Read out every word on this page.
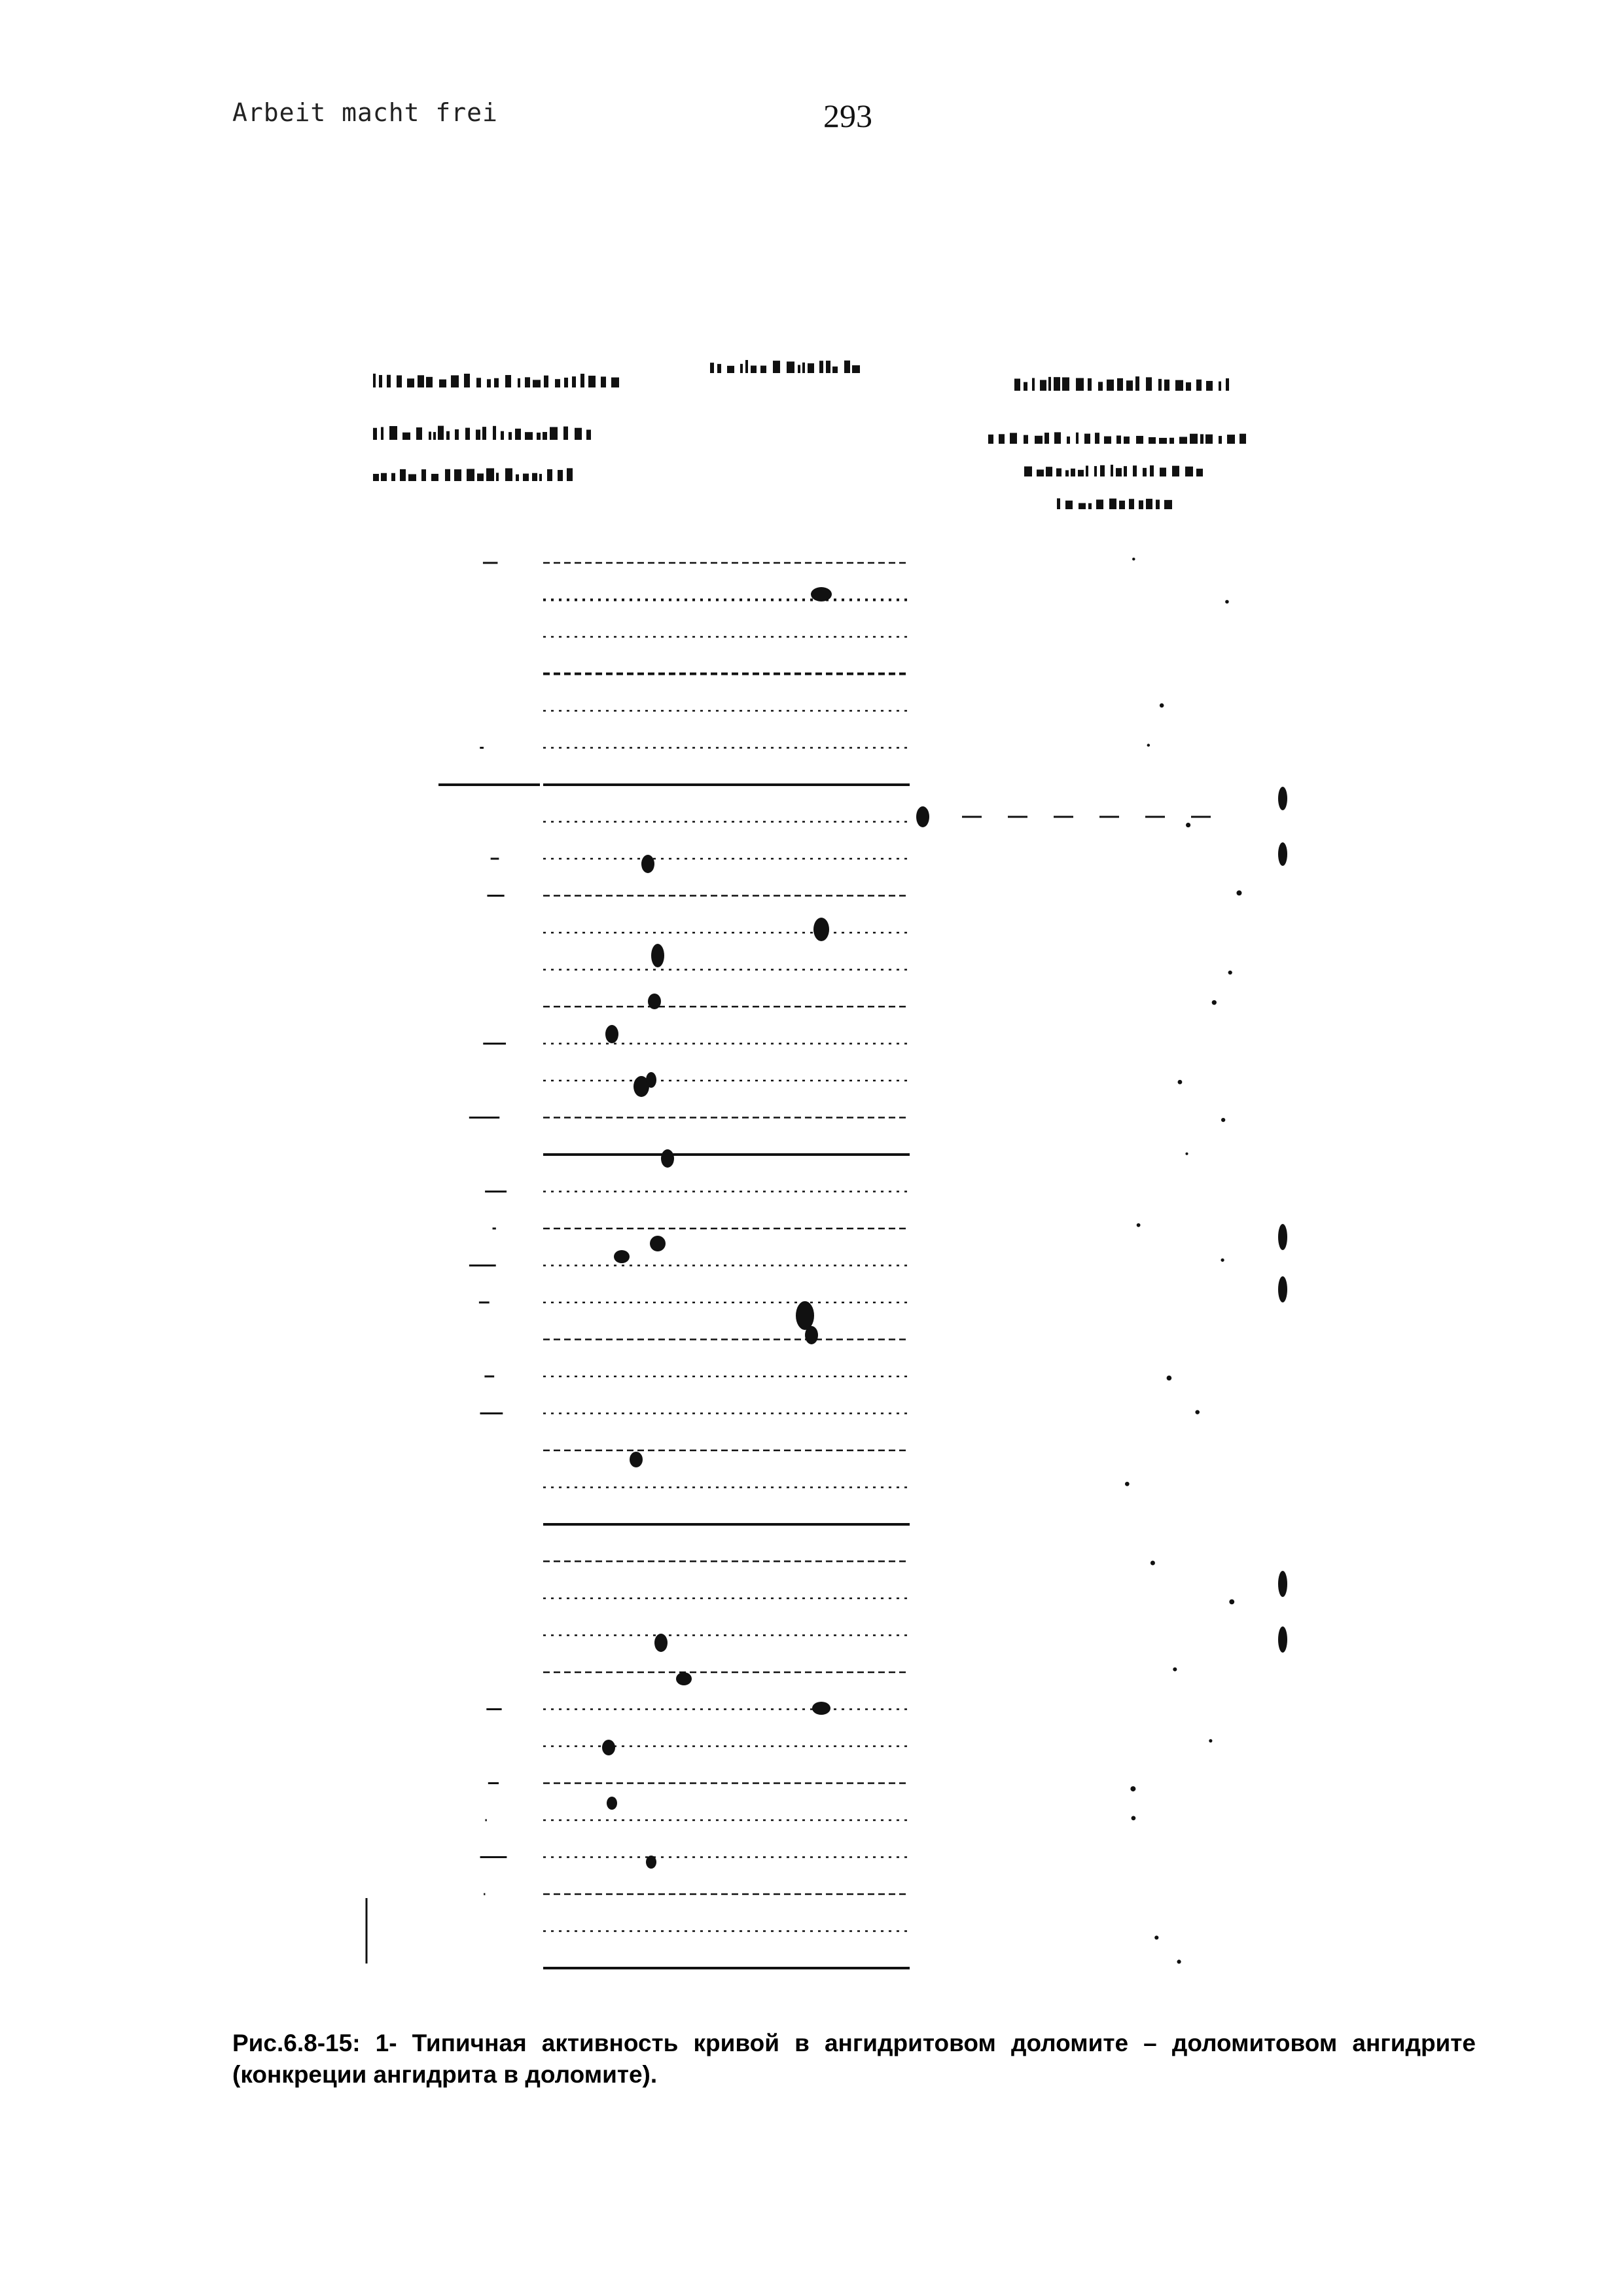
Arbeit macht frei	293
Рис.6.8-15: 1- Типичная активность кривой в ангидритовом доломите – доломитовом ангидрите (конкреции ангидрита в доломите).
